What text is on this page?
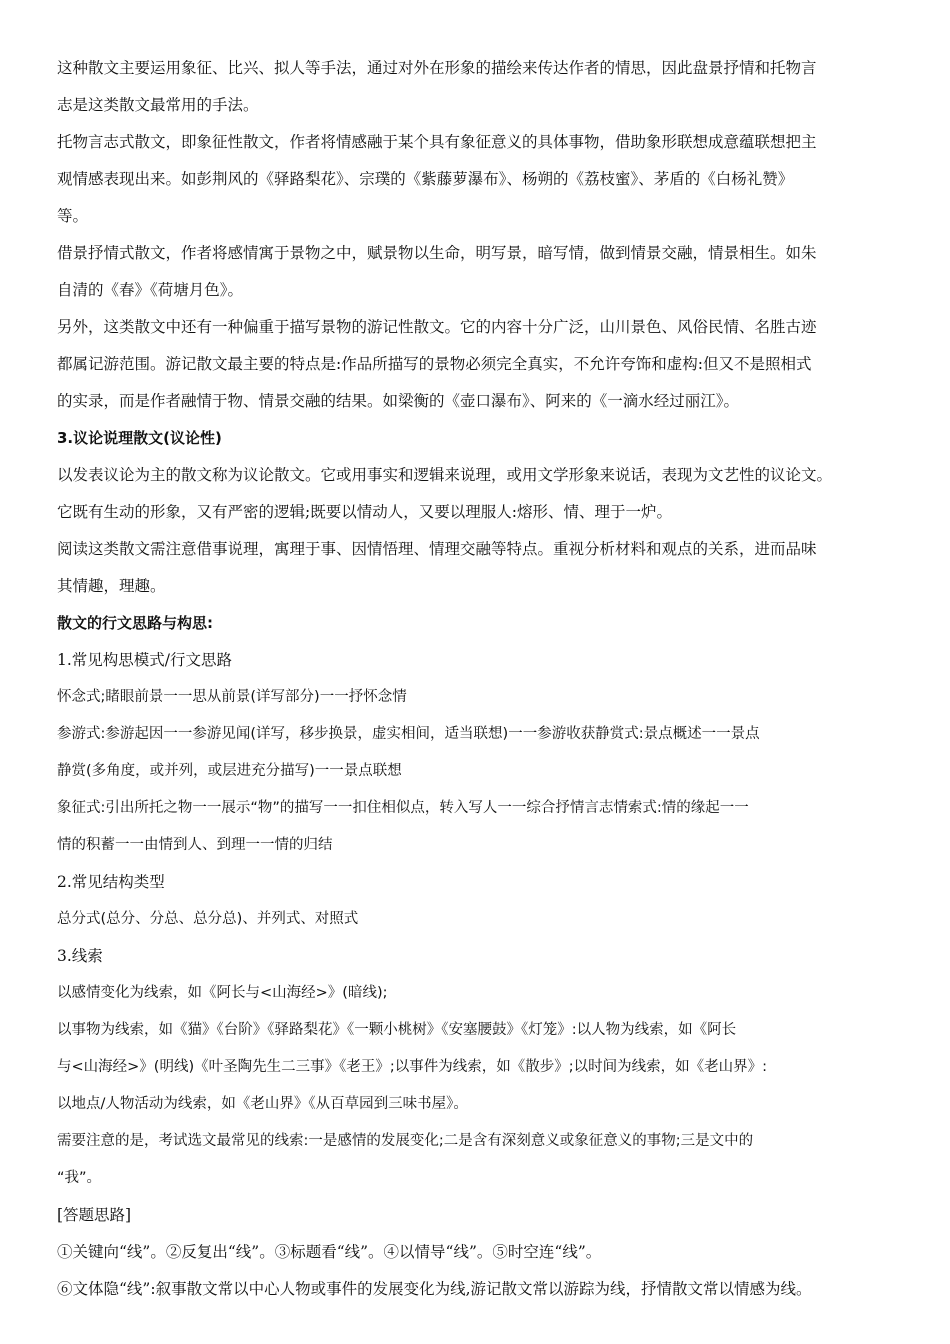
这种散文主要运用象征、比兴、拟人等手法，通过对外在形象的描绘来传达作者的情思，因此盘景抒情和托物言
志是这类散文最常用的手法。
托物言志式散文，即象征性散文，作者将情感融于某个具有象征意义的具体事物，借助象形联想成意蕴联想把主
观情感表现出来。如彭荆风的《驿路梨花》、宗璞的《紫藤萝瀑布》、杨朔的《荔枝蜜》、茅盾的《白杨礼赞》
等。
借景抒情式散文，作者将感情寓于景物之中，赋景物以生命，明写景，暗写情，做到情景交融，情景相生。如朱
自清的《春》《荷塘月色》。
另外，这类散文中还有一种偏重于描写景物的游记性散文。它的内容十分广泛，山川景色、风俗民情、名胜古迹
都属记游范围。游记散文最主要的特点是:作品所描写的景物必须完全真实，不允许夸饰和虚构:但又不是照相式
的实录，而是作者融情于物、情景交融的结果。如梁衡的《壶口瀑布》、阿来的《一滴水经过丽江》。
3.议论说理散文(议论性)
以发表议论为主的散文称为议论散文。它或用事实和逻辑来说理，或用文学形象来说话，表现为文艺性的议论文。
它既有生动的形象，又有严密的逻辑;既要以情动人，又要以理服人:熔形、情、理于一炉。
阅读这类散文需注意借事说理，寓理于事、因情悟理、情理交融等特点。重视分析材料和观点的关系，进而品味
其情趣，理趣。
散文的行文思路与构思:
1.常见构思模式/行文思路
怀念式;睹眼前景一一思从前景(详写部分)一一抒怀念情
参游式:参游起因一一参游见闻(详写，移步换景，虚实相间，适当联想)一一参游收获静赏式:景点概述一一景点
静赏(多角度，或并列，或层进充分描写)一一景点联想
象征式:引出所托之物一一展示“物”的描写一一扣住相似点，转入写人一一综合抒情言志情索式:情的缘起一一
情的积蓄一一由情到人、到理一一情的归结
2.常见结构类型
总分式(总分、分总、总分总)、并列式、对照式
3.线索
以感情变化为线索，如《阿长与<山海经>》(暗线);
以事物为线索，如《猫》《台阶》《驿路梨花》《一颗小桃树》《安塞腰鼓》《灯笼》:以人物为线索，如《阿长
与<山海经>》(明线)《叶圣陶先生二三事》《老王》;以事件为线索，如《散步》;以时间为线索，如《老山界》:
以地点/人物活动为线索，如《老山界》《从百草园到三味书屋》。
需要注意的是，考试选文最常见的线索:一是感情的发展变化;二是含有深刻意义或象征意义的事物;三是文中的
“我”。
[答题思路]
①关键向“线”。②反复出“线”。③标题看“线”。④以情导“线”。⑤时空连“线”。
⑥文体隐“线”:叙事散文常以中心人物或事件的发展变化为线,游记散文常以游踪为线，抒情散文常以情感为线。
